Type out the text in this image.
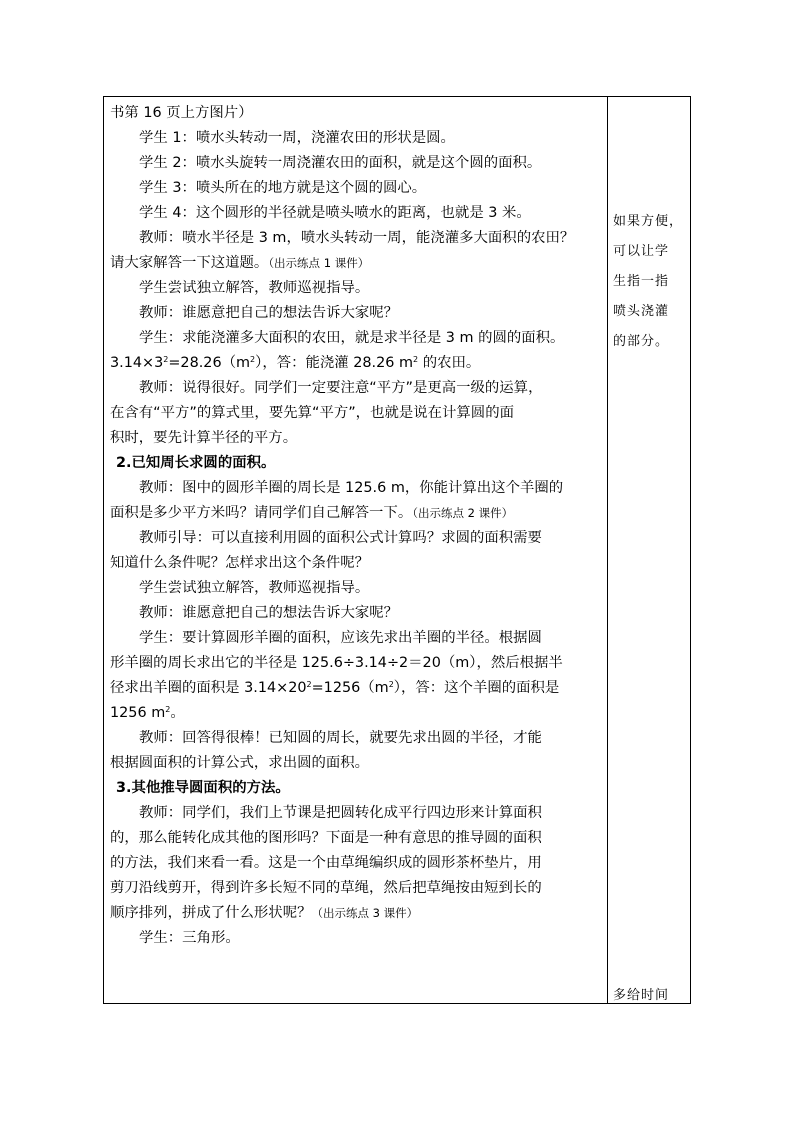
书第 16 页上方图片）
学生 1：喷水头转动一周，浇灌农田的形状是圆。
学生 2：喷水头旋转一周浇灌农田的面积，就是这个圆的面积。
学生 3：喷头所在的地方就是这个圆的圆心。
学生 4：这个圆形的半径就是喷头喷水的距离，也就是 3 米。
教师：喷水半径是 3 m，喷水头转动一周，能浇灌多大面积的农田？
请大家解答一下这道题。（出示练点 1 课件）
学生尝试独立解答，教师巡视指导。
教师：谁愿意把自己的想法告诉大家呢？
学生：求能浇灌多大面积的农田，就是求半径是 3 m 的圆的面积。
$3.14\times 3^2=28.26(m^2)$，答：能浇灌 28.26 $m^2$ 的农田。
教师：说得很好。同学们一定要注意“平方”是更高一级的运算，
在含有“平方”的算式里，要先算“平方”，也就是说在计算圆的面
积时，要先计算半径的平方。
2.已知周长求圆的面积。
教师：图中的圆形羊圈的周长是 125.6 m，你能计算出这个羊圈的
面积是多少平方米吗？请同学们自己解答一下。（出示练点 2 课件）
教师引导：可以直接利用圆的面积公式计算吗？求圆的面积需要
知道什么条件呢？怎样求出这个条件呢？
学生尝试独立解答，教师巡视指导。
教师：谁愿意把自己的想法告诉大家呢？
学生：要计算圆形羊圈的面积，应该先求出羊圈的半径。根据圆
形羊圈的周长求出它的半径是 125.6÷3.14÷2＝20（m），然后根据半
径求出羊圈的面积是 $3.14\times 20^2=1256(m^2)$，答：这个羊圈的面积是
1256 $m^2$。
教师：回答得很棒！已知圆的周长，就要先求出圆的半径，才能
根据圆面积的计算公式，求出圆的面积。
3.其他推导圆面积的方法。
教师：同学们，我们上节课是把圆转化成平行四边形来计算面积
的，那么能转化成其他的图形吗？下面是一种有意思的推导圆的面积
的方法，我们来看一看。这是一个由草绳编织成的圆形茶杯垫片，用
剪刀沿线剪开，得到许多长短不同的草绳，然后把草绳按由短到长的
顺序排列，拼成了什么形状呢？（出示练点 3 课件）
学生：三角形。
如果方便，
可以让学
生指一指
喷头浇灌
的部分。
多给时间
